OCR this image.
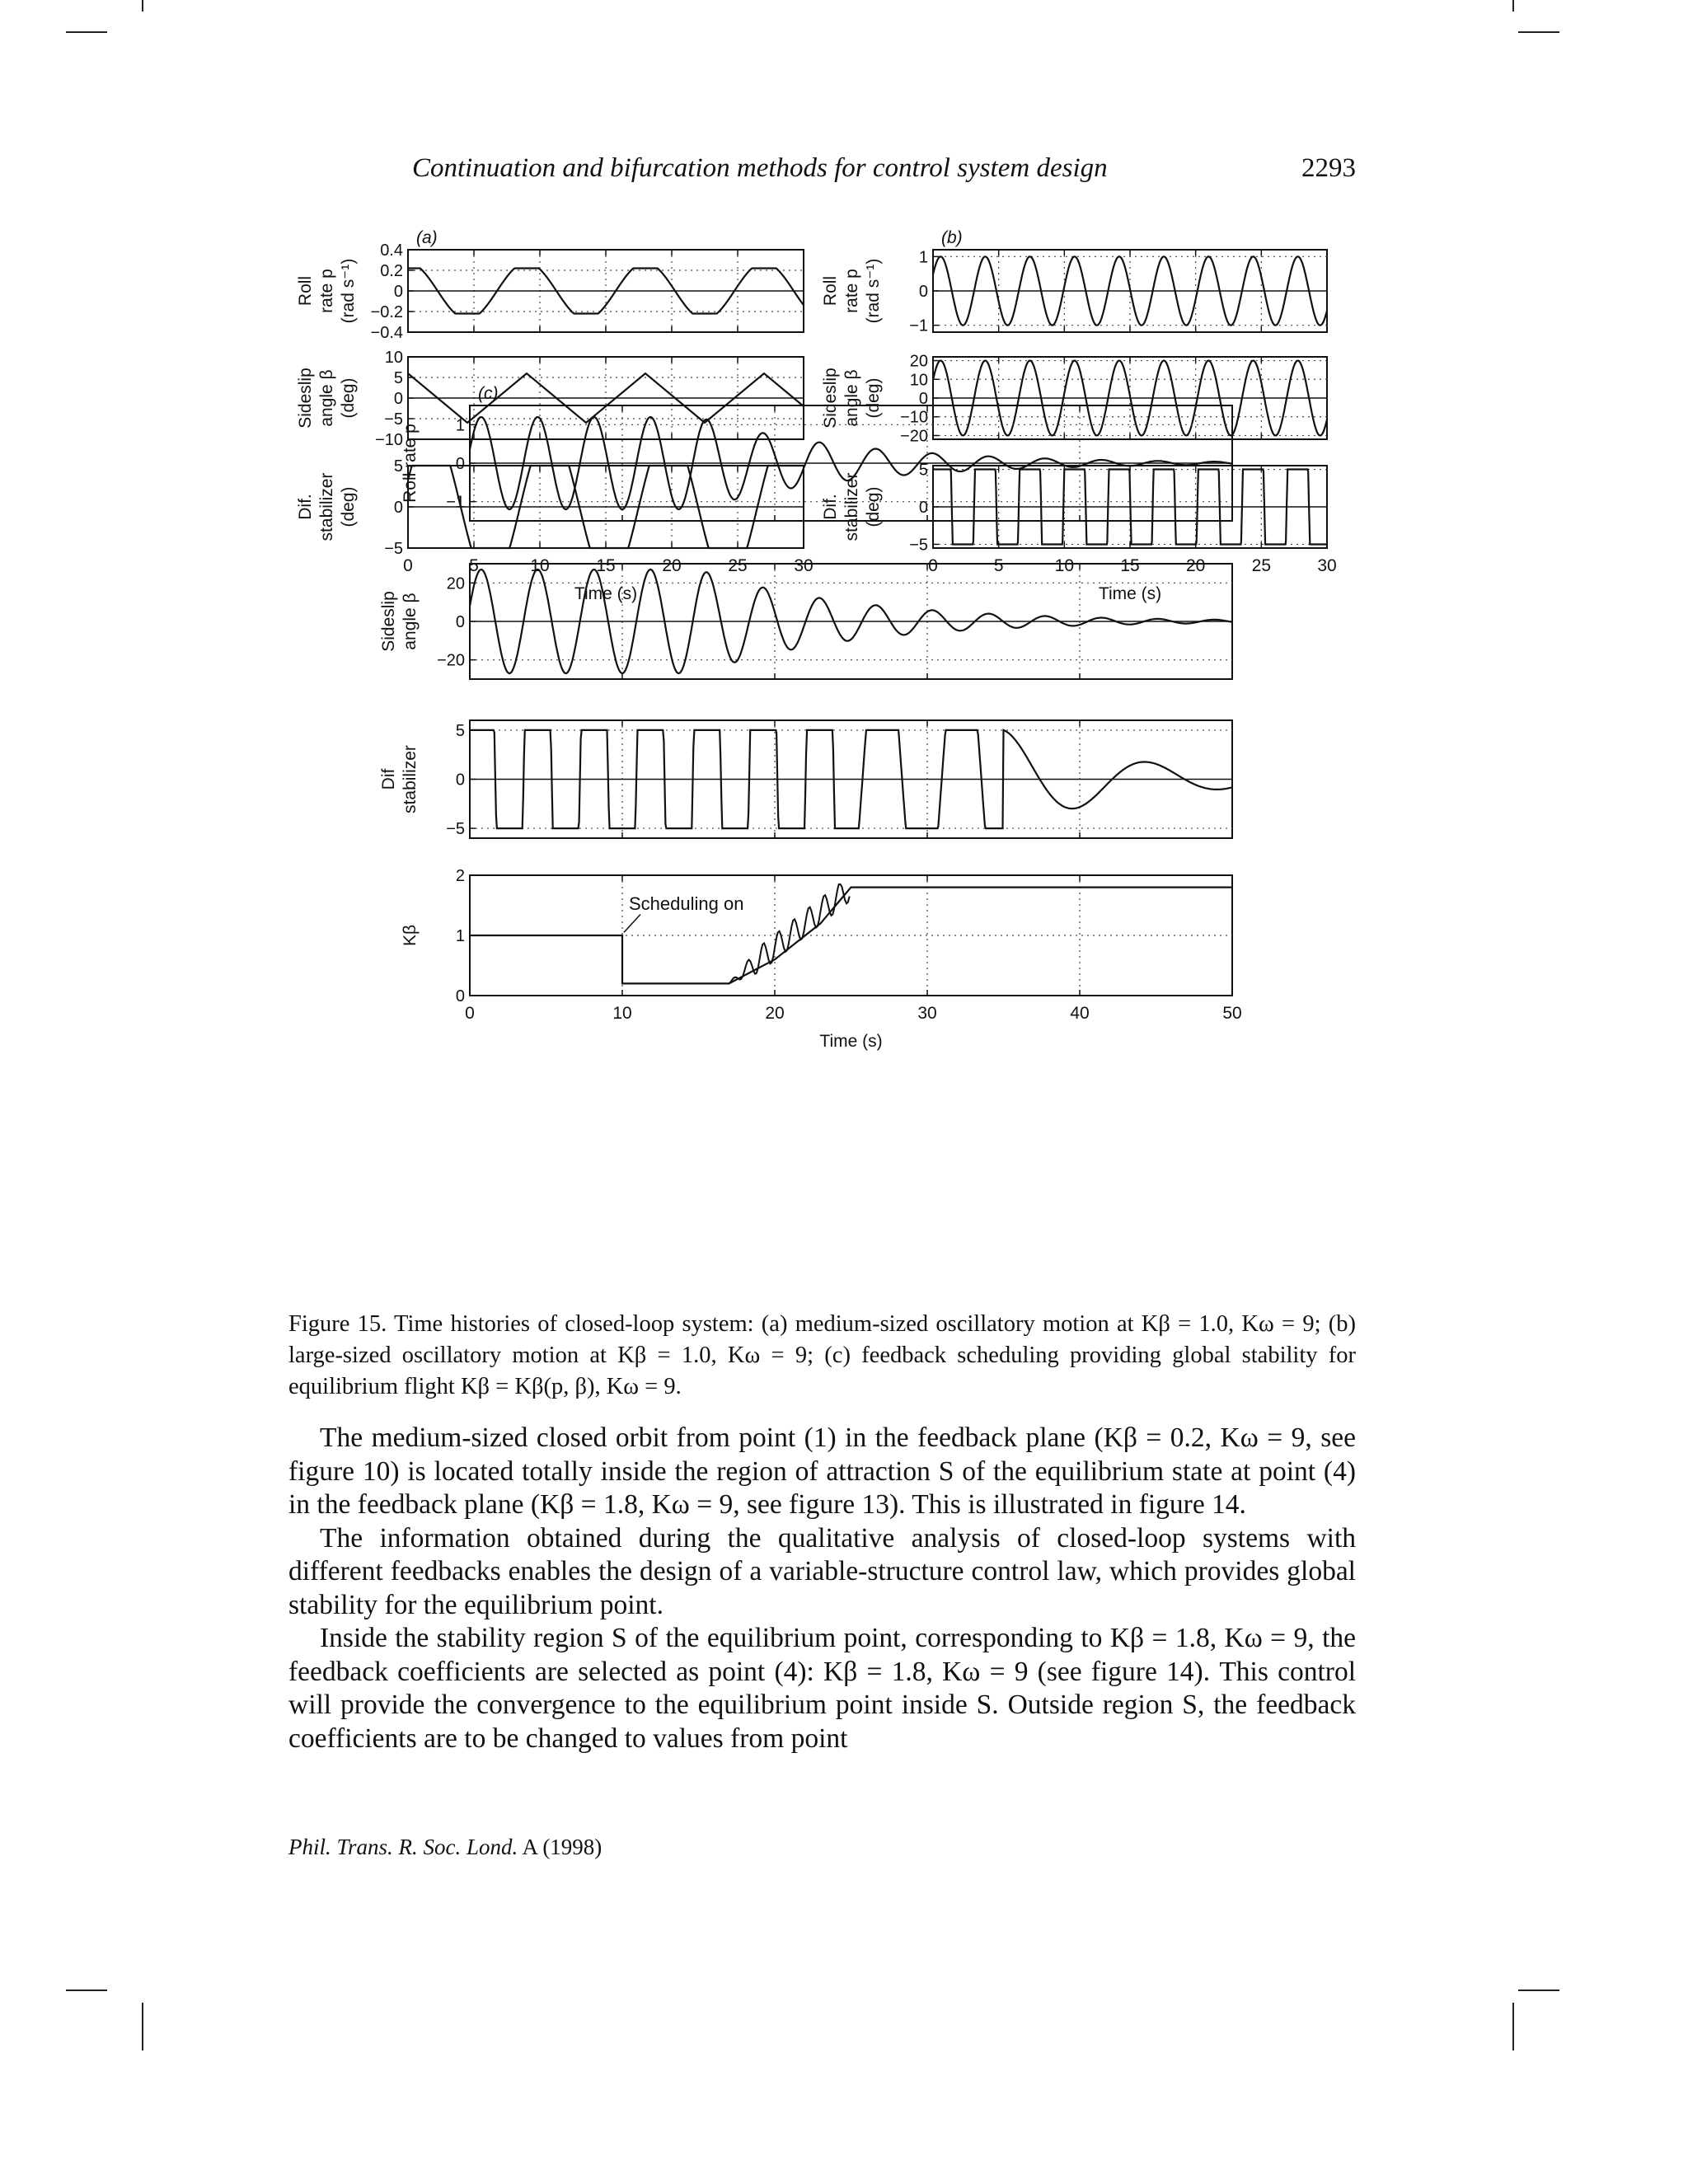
Continuation and bifurcation methods for control system design	2293
0.4
0.2
0
−0.2
−0.4
Roll rate p (rad s⁻¹)
(a)
10
5
0
−5
−10
Sideslip angle β (deg)
5
0
−5
Dif. stabilizer (deg)
0	5	10	15	20	25	30
Time (s)
1
0
−1
Roll rate p (rad s⁻¹)
(b)
20
10
0
−10
−20
Sideslip angle β (deg)
5
0
−5
Dif. stabilizer (deg)
0	5	10	15	20	25	30
Time (s)
1
0
−1
Roll rate p
(c)
20
0
−20
Sideslip angle β
5
0
−5
Dif stabilizer
2
1
0
Kβ
0	10	20	30	40	50
Time (s)
Scheduling on
Figure 15. Time histories of closed-loop system: (a) medium-sized oscillatory motion at Kβ = 1.0, Kω = 9; (b) large-sized oscillatory motion at Kβ = 1.0, Kω = 9; (c) feedback scheduling providing global stability for equilibrium flight Kβ = Kβ(p, β), Kω = 9.

The medium-sized closed orbit from point (1) in the feedback plane (Kβ = 0.2, Kω = 9, see figure 10) is located totally inside the region of attraction S of the equilibrium state at point (4) in the feedback plane (Kβ = 1.8, Kω = 9, see figure 13). This is illustrated in figure 14.

The information obtained during the qualitative analysis of closed-loop systems with different feedbacks enables the design of a variable-structure control law, which provides global stability for the equilibrium point.

Inside the stability region S of the equilibrium point, corresponding to Kβ = 1.8, Kω = 9, the feedback coefficients are selected as point (4): Kβ = 1.8, Kω = 9 (see figure 14). This control will provide the convergence to the equilibrium point inside S. Outside region S, the feedback coefficients are to be changed to values from point

Phil. Trans. R. Soc. Lond. A (1998)
